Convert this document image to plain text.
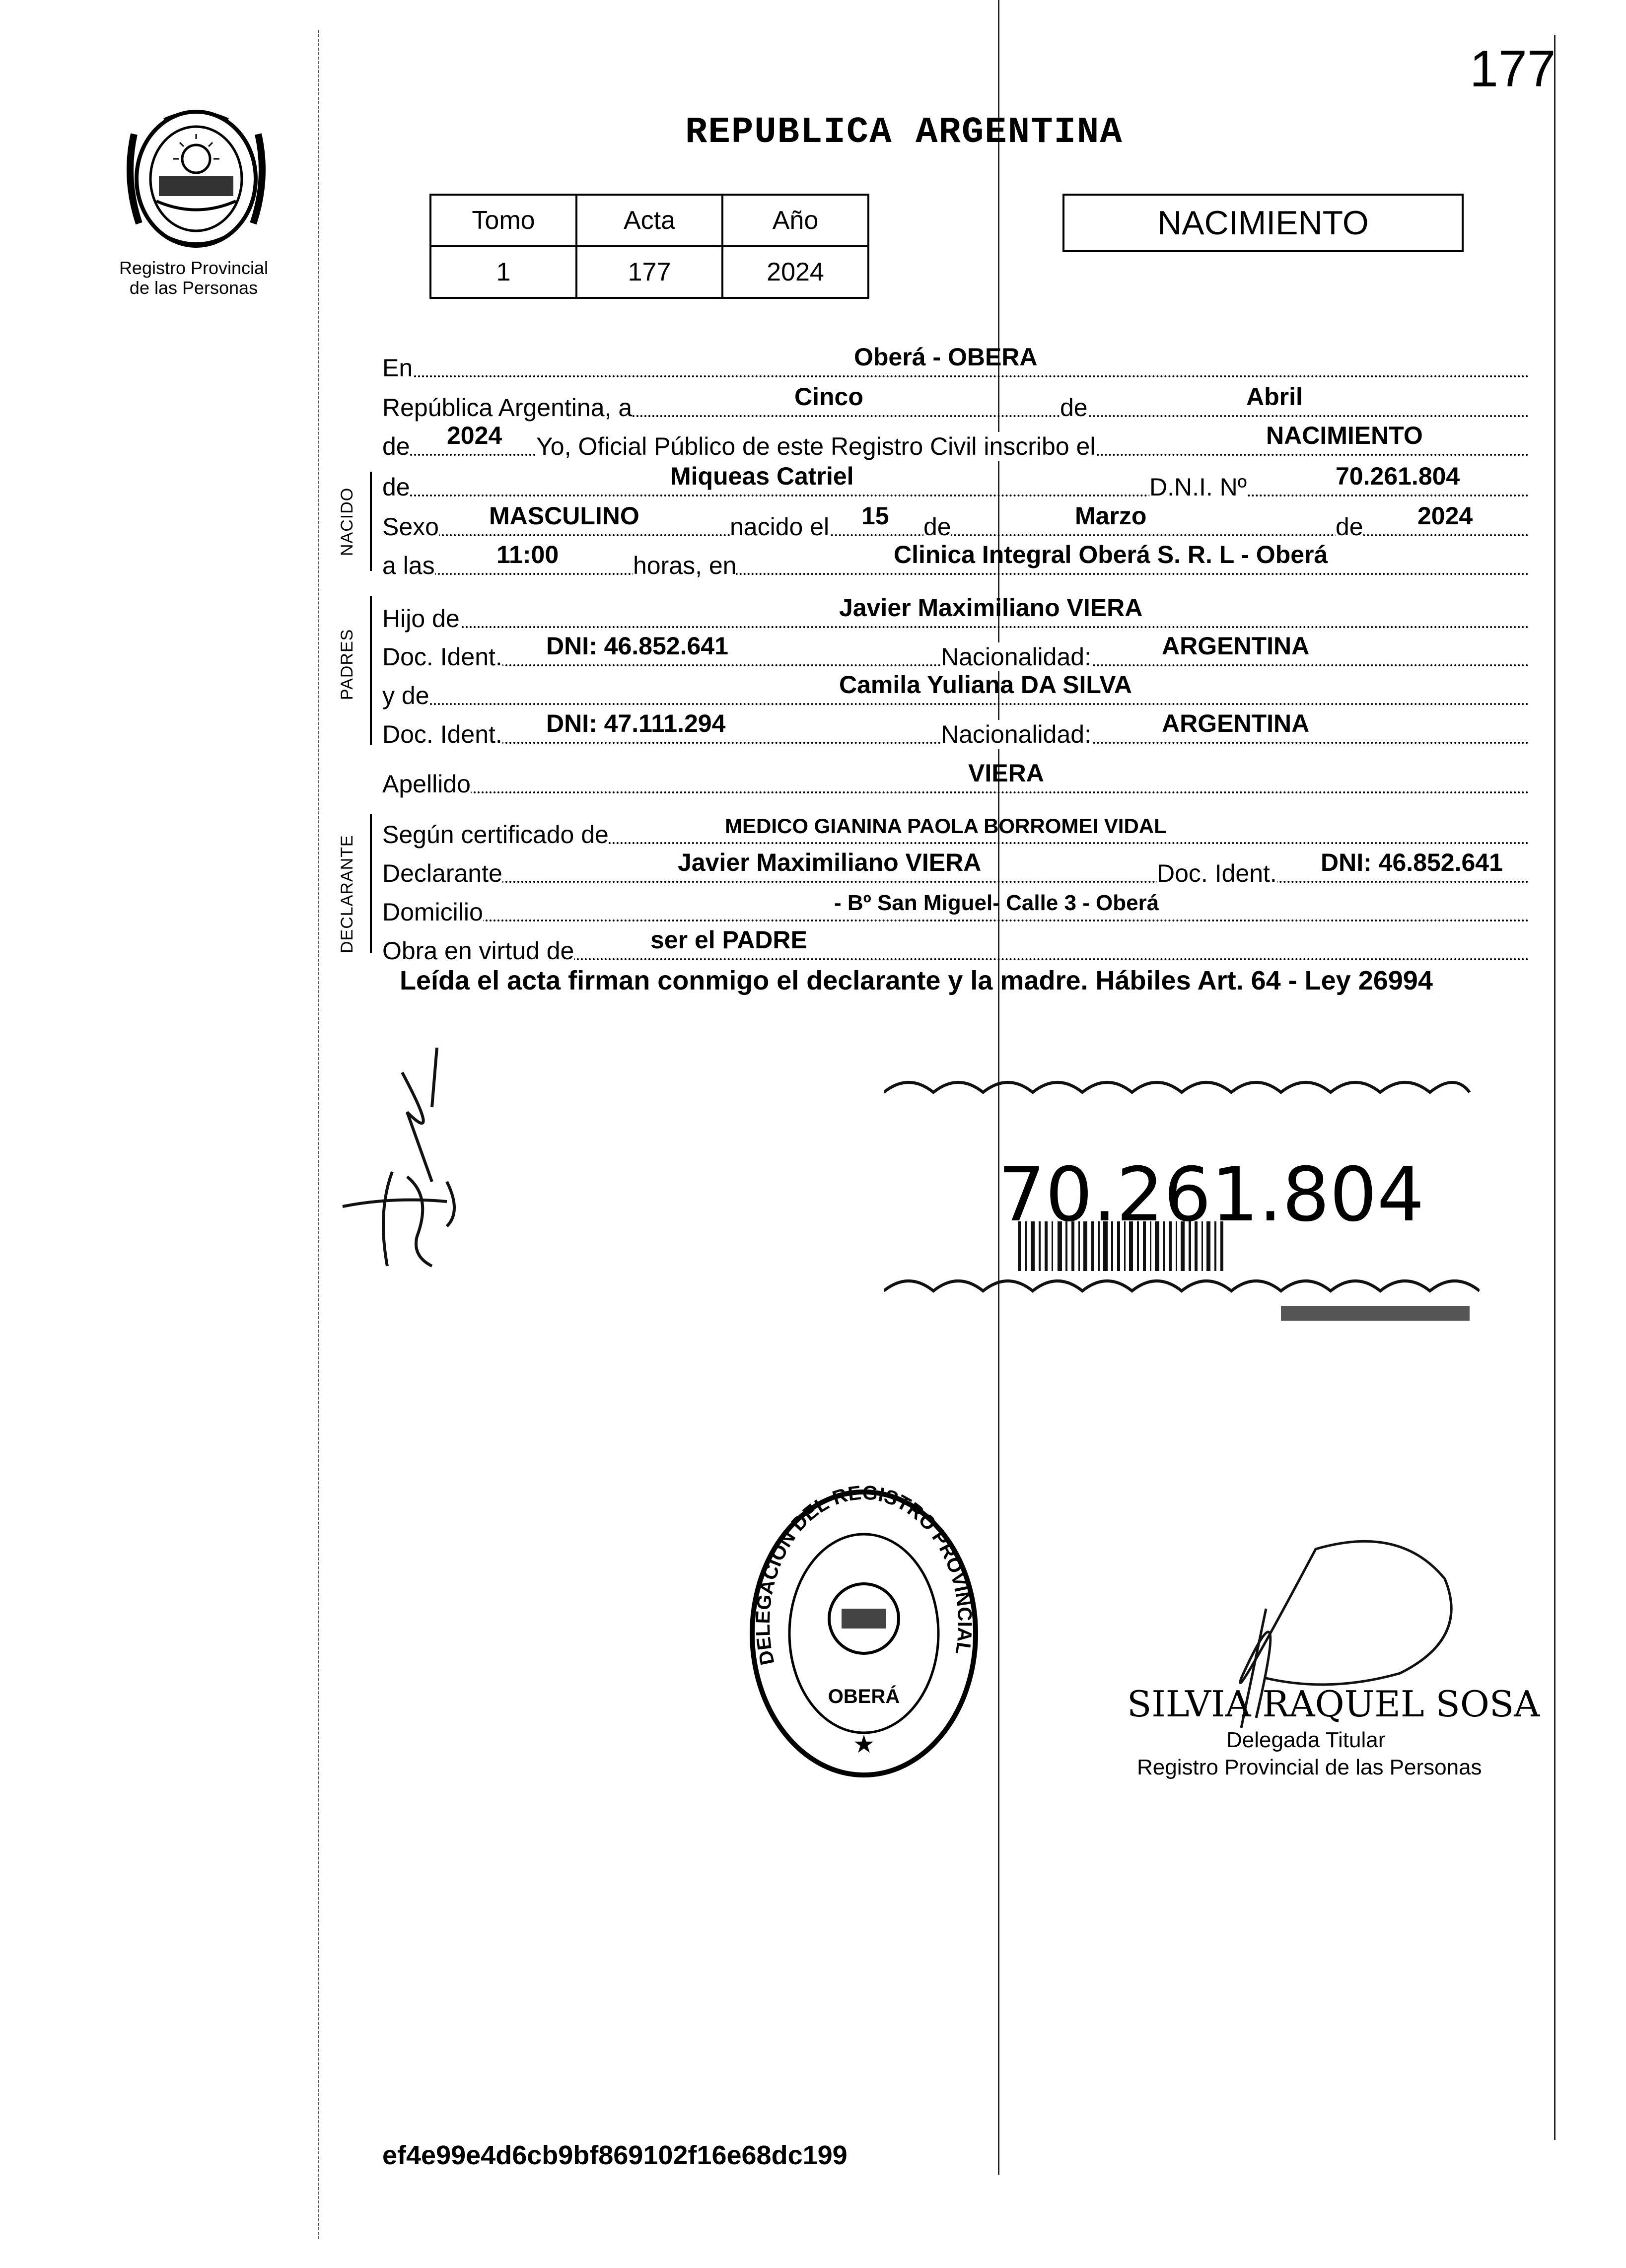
177
Registro Provincial
de las Personas
REPUBLICA ARGENTINA
Tomo	Acta	Año
1	177	2024
NACIMIENTO
En	Oberá - OBERA
República Argentina, a	Cinco	de	Abril
de 2024 Yo, Oficial Público de este Registro Civil inscribo el	NACIMIENTO
NACIDO
de	Miqueas Catriel	D.N.I. Nº	70.261.804
Sexo MASCULINO	nacido el 15 de	Marzo	de 2024
a las 11:00	horas, en	Clinica Integral Oberá S. R. L - Oberá
PADRES
Hijo de	Javier Maximiliano VIERA
Doc. Ident. DNI: 46.852.641	Nacionalidad:	ARGENTINA
y de	Camila Yuliana DA SILVA
Doc. Ident. DNI: 47.111.294	Nacionalidad:	ARGENTINA
Apellido	VIERA
DECLARANTE
Según certificado de	MEDICO GIANINA PAOLA BORROMEI VIDAL
Declarante	Javier Maximiliano VIERA	Doc. Ident. DNI: 46.852.641
Domicilio	- Bº San Miguel- Calle 3 - Oberá
Obra en virtud de	ser el PADRE
Leída el acta firman conmigo el declarante y la madre. Hábiles Art. 64 - Ley 26994
70.261.804
DELEGACION DEL REGISTRO PROVINCIAL
OBERÁ
★
SILVIA RAQUEL SOSA
Delegada Titular
Registro Provincial de las Personas
ef4e99e4d6cb9bf869102f16e68dc199
